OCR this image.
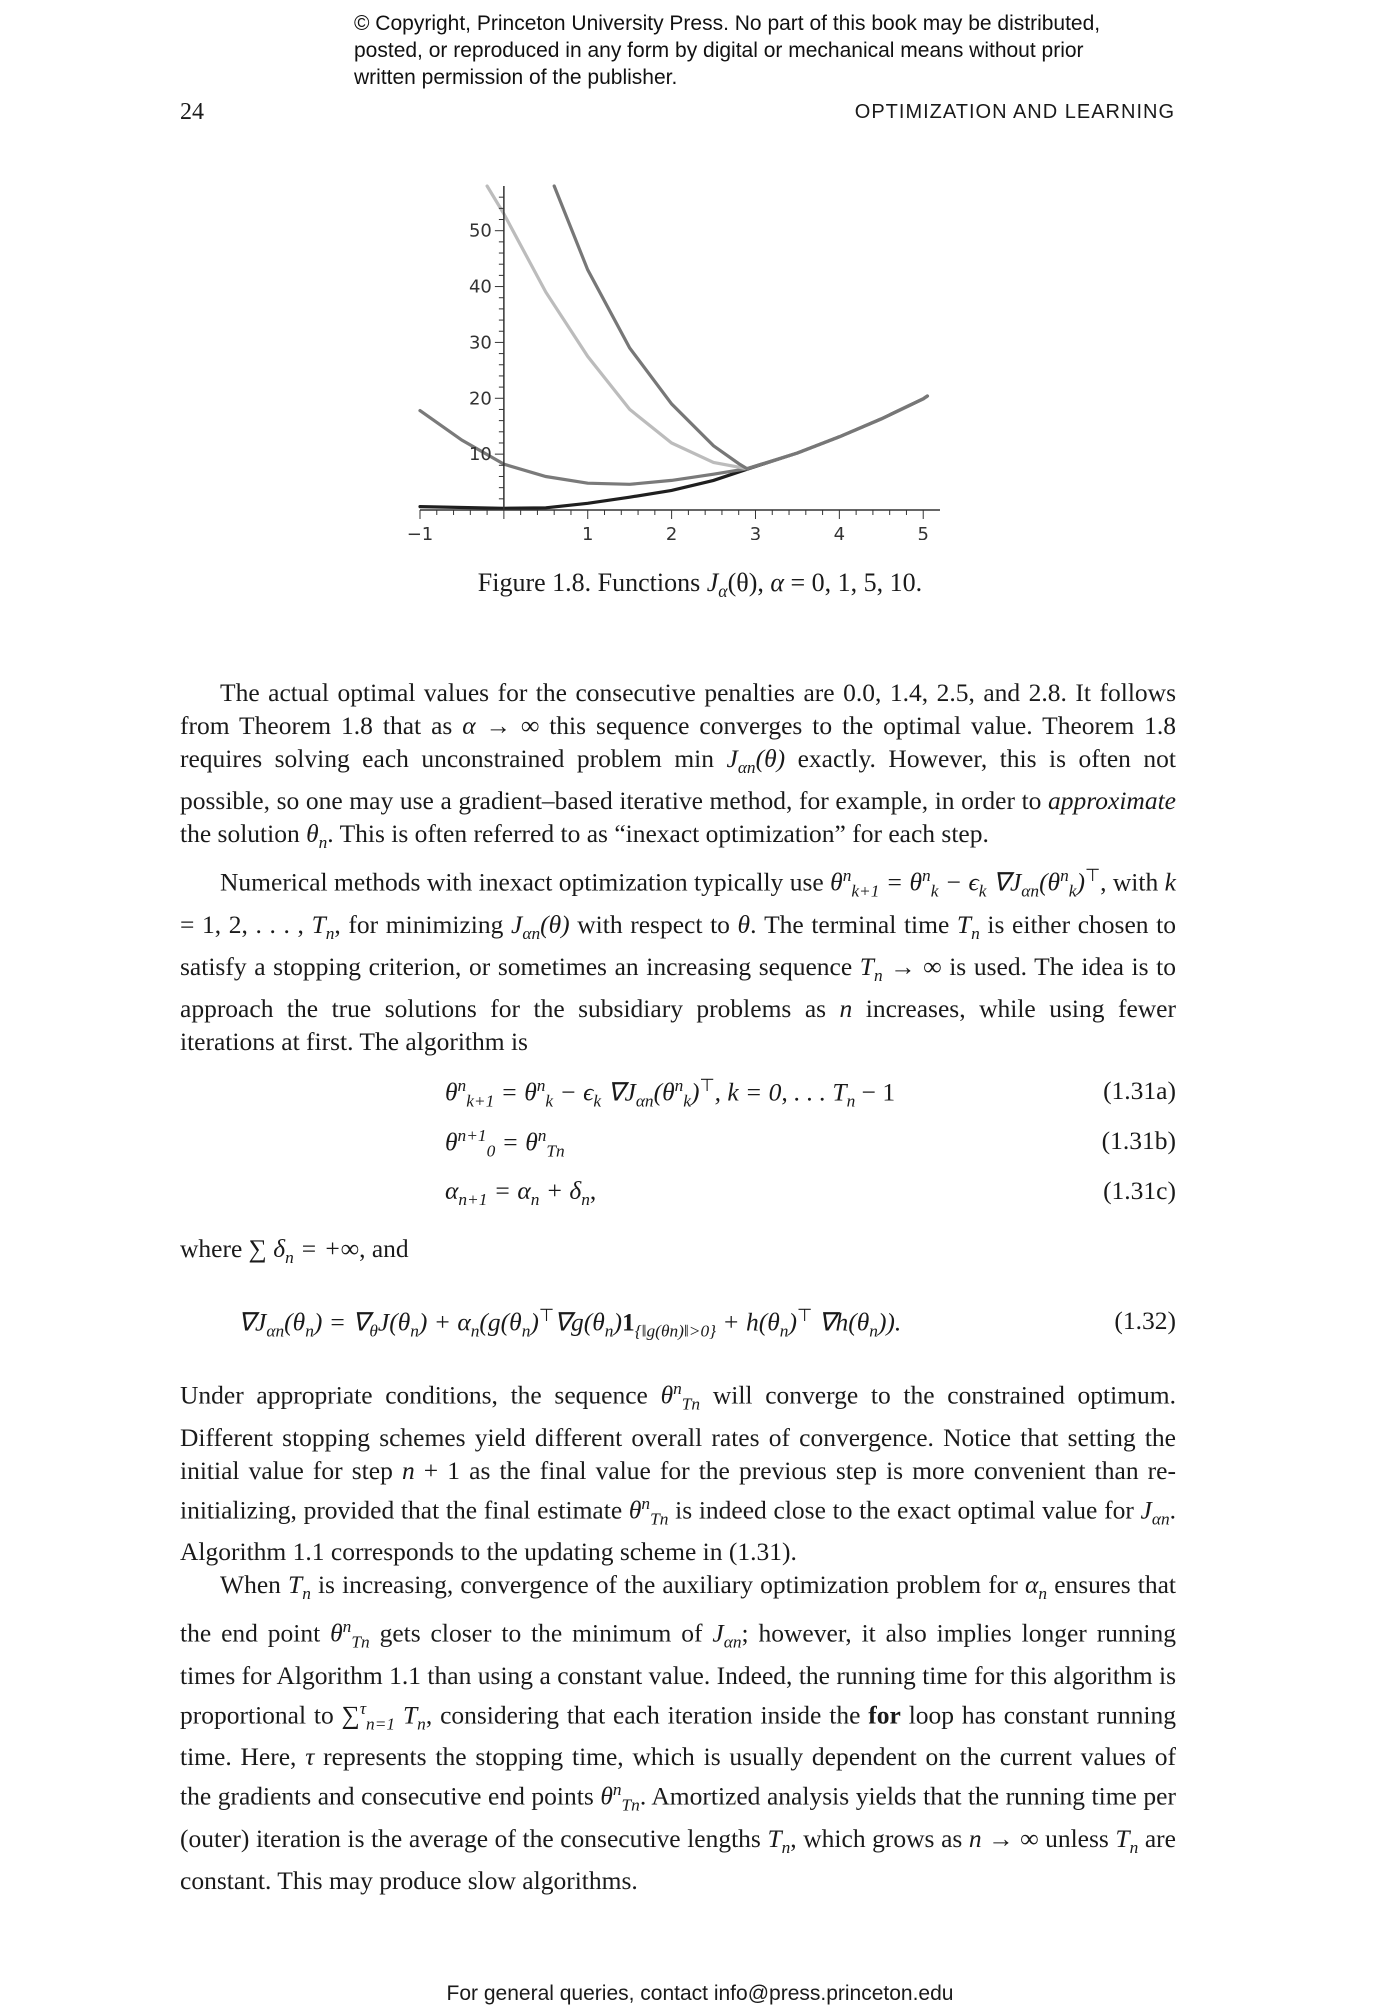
© Copyright, Princeton University Press. No part of this book may be distributed, posted, or reproduced in any form by digital or mechanical means without prior written permission of the publisher.
24	OPTIMIZATION AND LEARNING
−1	1	2	3	4	5
10
20
30
40
50
Figure 1.8. Functions $J_\alpha(\theta)$, α = 0, 1, 5, 10.

The actual optimal values for the consecutive penalties are 0.0, 1.4, 2.5, and 2.8. It follows from Theorem 1.8 that as α → ∞ this sequence converges to the optimal value. Theorem 1.8 requires solving each unconstrained problem $\min J_{\alpha n}(\theta)$ exactly. However, this is often not possible, so one may use a gradient–based iterative method, for example, in order to approximate the solution $\theta_n$. This is often referred to as “inexact optimization” for each step.

Numerical methods with inexact optimization typically use $\theta^n_{k+1} = \theta^n_k - \epsilon_k$ $\nabla J_{\alpha n}(\theta^n_k)^⊤$, with k = 1, 2, . . . , $T_n$, for minimizing $J_{\alpha n}(\theta)$ with respect to θ. The terminal time $T_n$ is either chosen to satisfy a stopping criterion, or sometimes an increasing sequence $T_n$ → ∞ is used. The idea is to approach the true solutions for the subsidiary problems as n increases, while using fewer iterations at first. The algorithm is

$\theta^n_{k+1} = \theta^n_k - \epsilon_k$ $\nabla J_{\alpha n}(\theta^n_k)^⊤$, k = 0, . . . $T_n - 1$	(1.31a)
$\theta^{n+1}_0 = \theta^n_{Tn}$	(1.31b)
$\alpha_{n+1} = \alpha_n + \delta_n$,	(1.31c)

where ∑ $\delta_n$ = +∞, and

$\nabla J_{\alpha n}(\theta_n) = \nabla_\theta J(\theta_n) + \alpha_n(g(\theta_n)^⊤\nabla g(\theta_n)1_{\{‖g(\theta n)‖>0\}} + h(\theta_n)^⊤$ $\nabla h(\theta_n)$).	(1.32)

Under appropriate conditions, the sequence $\theta^n_{Tn}$ will converge to the constrained optimum. Different stopping schemes yield different overall rates of convergence. Notice that setting the initial value for step n + 1 as the final value for the previous step is more convenient than re-initializing, provided that the final estimate $\theta^n_{Tn}$ is indeed close to the exact optimal value for $J_{\alpha n}$. Algorithm 1.1 corresponds to the updating scheme in (1.31).

When $T_n$ is increasing, convergence of the auxiliary optimization problem for $\alpha_n$ ensures that the end point $\theta^n_{Tn}$ gets closer to the minimum of $J_{\alpha n}$; however, it also implies longer running times for Algorithm 1.1 than using a constant value. Indeed, the running time for this algorithm is proportional to ∑$^\tau_{n=1}$ $T_n$, considering that each iteration inside the for loop has constant running time. Here, τ represents the stopping time, which is usually dependent on the current values of the gradients and consecutive end points $\theta^n_{Tn}$. Amortized analysis yields that the running time per (outer) iteration is the average of the consecutive lengths $T_n$, which grows as n → ∞ unless $T_n$ are constant. This may produce slow algorithms.

For general queries, contact info@press.princeton.edu
